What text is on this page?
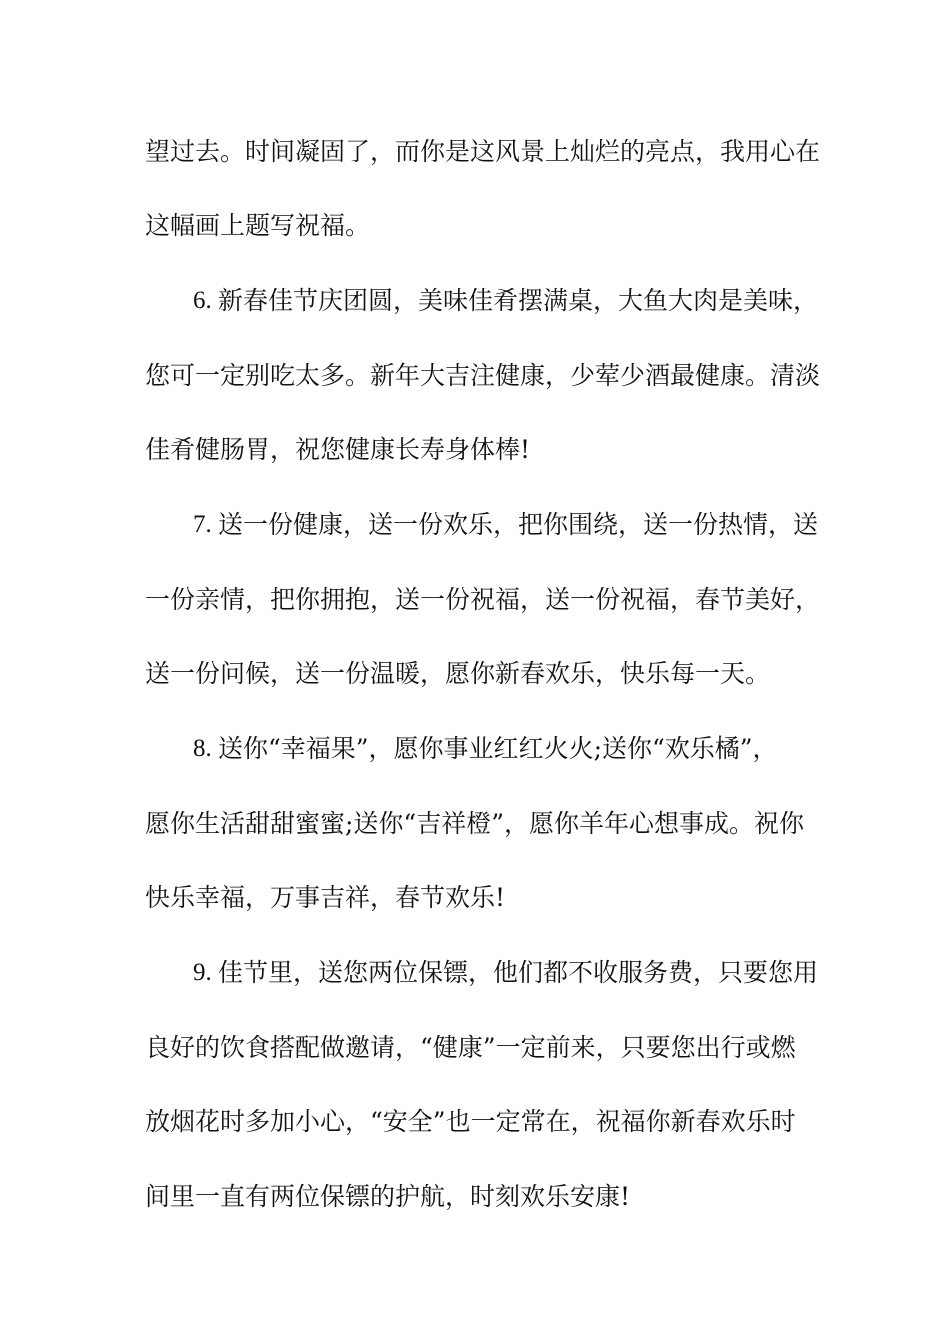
望过去。时间凝固了，而你是这风景上灿烂的亮点，我用心在
这幅画上题写祝福。
6. 新春佳节庆团圆，美味佳肴摆满桌，大鱼大肉是美味，
您可一定别吃太多。新年大吉注健康，少荤少酒最健康。清淡
佳肴健肠胃，祝您健康长寿身体棒!
7. 送一份健康，送一份欢乐，把你围绕，送一份热情，送
一份亲情，把你拥抱，送一份祝福，送一份祝福，春节美好，
送一份问候，送一份温暖，愿你新春欢乐，快乐每一天。
8. 送你“幸福果”，愿你事业红红火火;送你“欢乐橘”，
愿你生活甜甜蜜蜜;送你“吉祥橙”，愿你羊年心想事成。祝你
快乐幸福，万事吉祥，春节欢乐!
9. 佳节里，送您两位保镖，他们都不收服务费，只要您用
良好的饮食搭配做邀请，“健康”一定前来，只要您出行或燃
放烟花时多加小心，“安全”也一定常在，祝福你新春欢乐时
间里一直有两位保镖的护航，时刻欢乐安康!
